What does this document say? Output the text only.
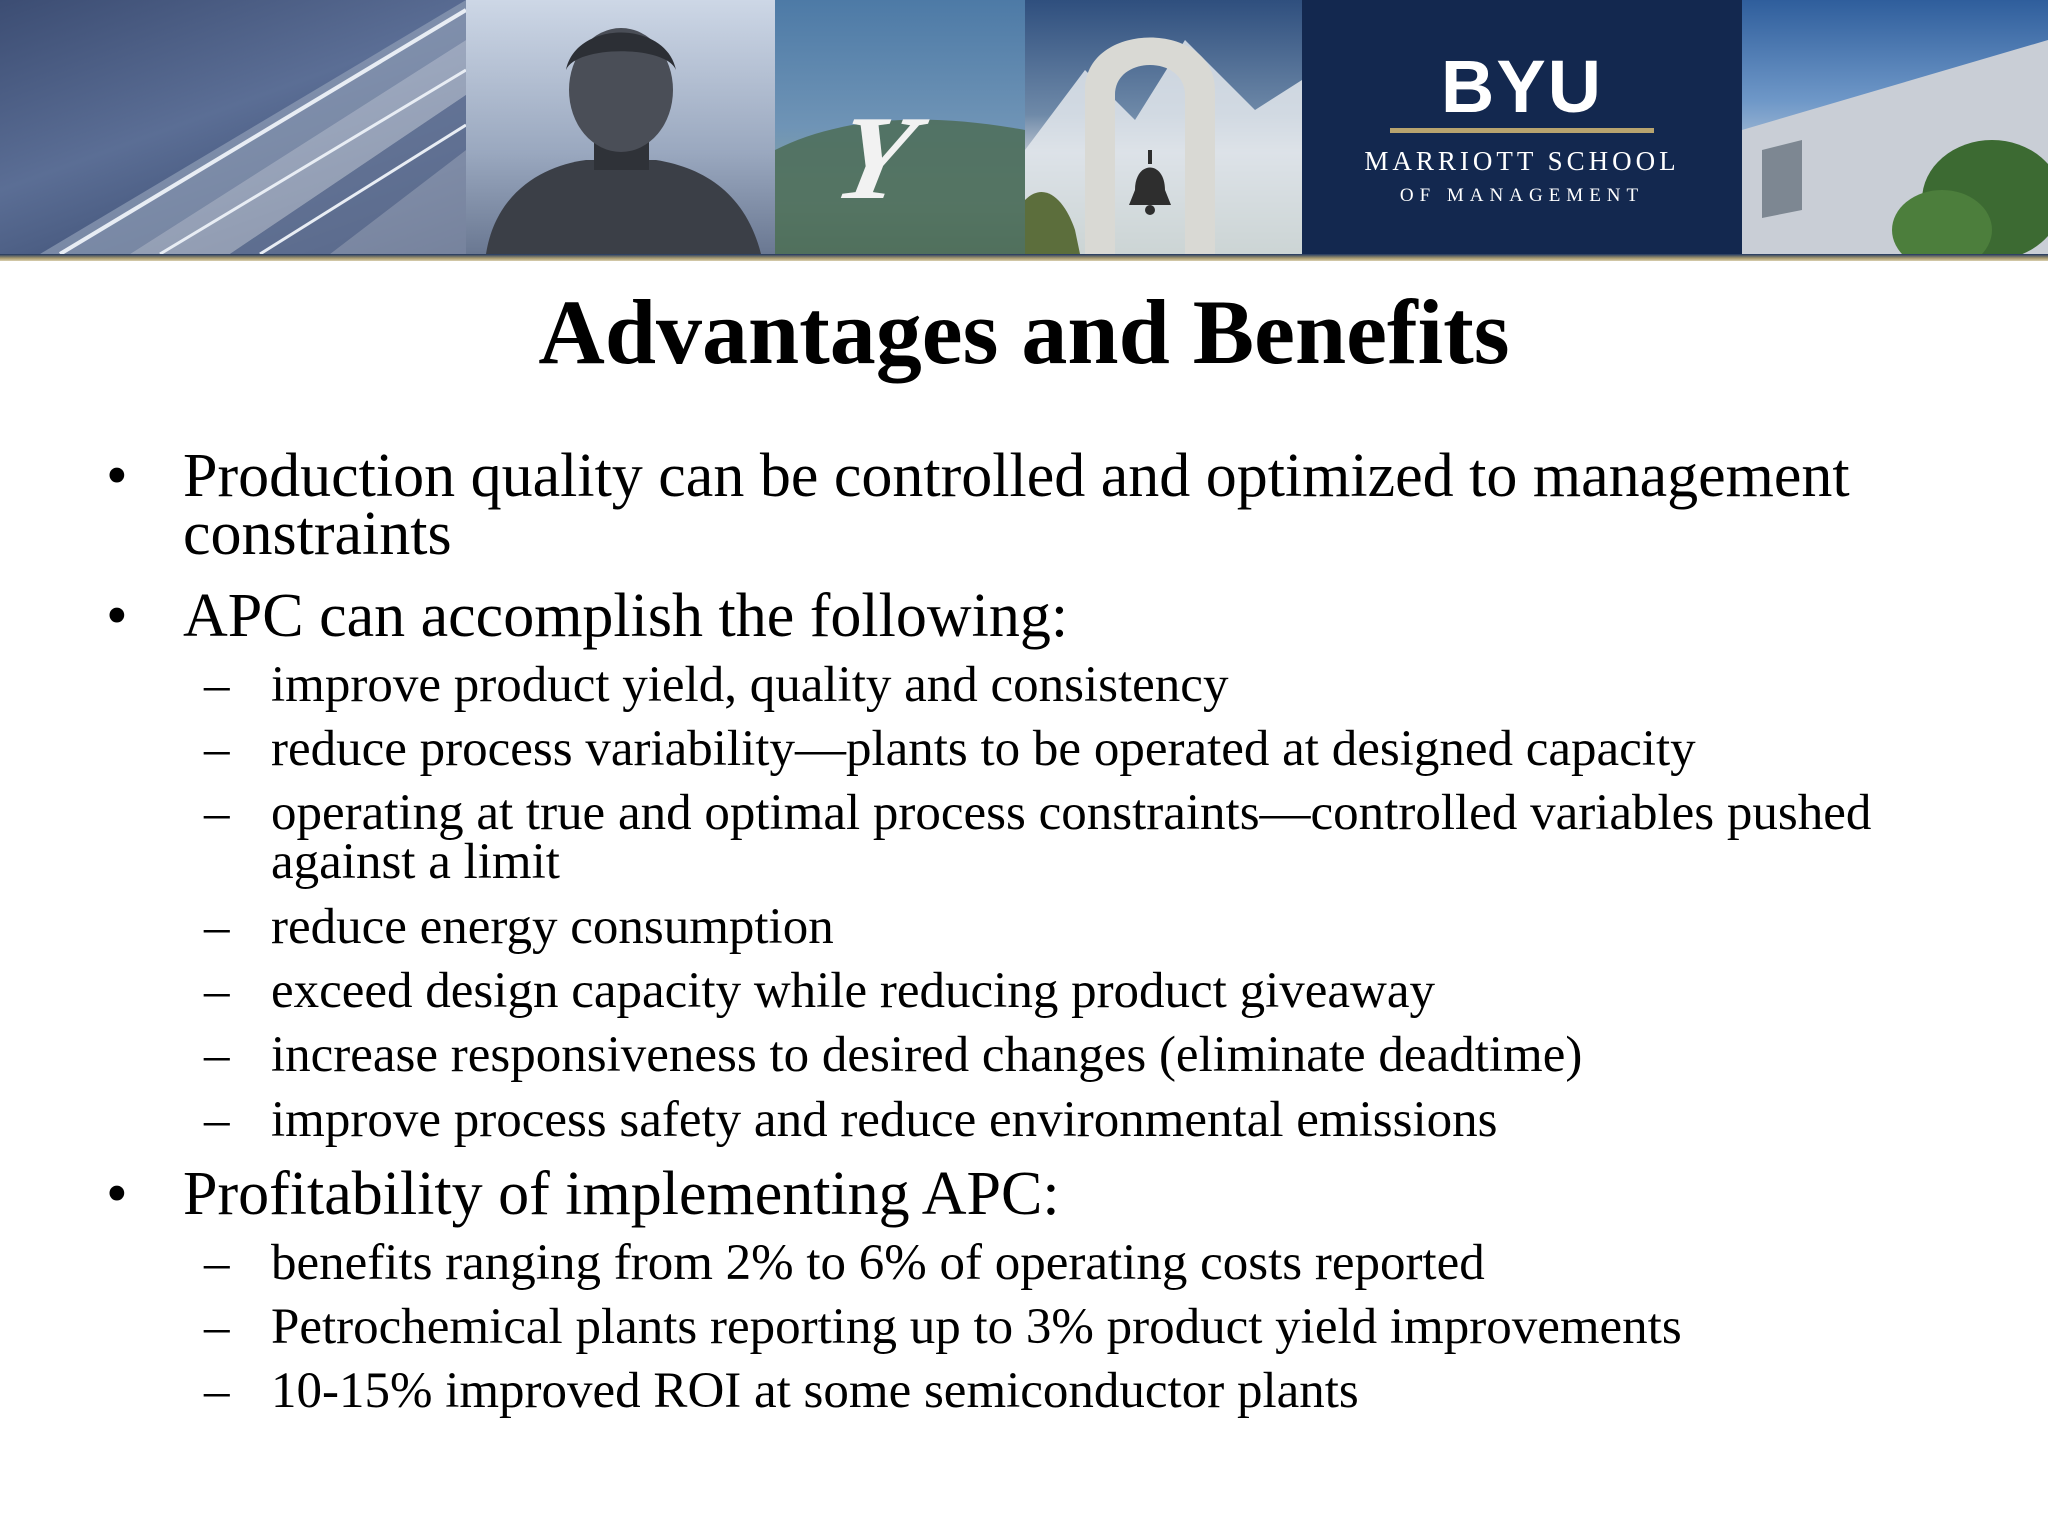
Y
BYU
MARRIOTT SCHOOL
OF MANAGEMENT
Advantages and Benefits
• Production quality can be controlled and optimized to management constraints
• APC can accomplish the following:
– improve product yield, quality and consistency
– reduce process variability—plants to be operated at designed capacity
– operating at true and optimal process constraints—controlled variables pushed against a limit
– reduce energy consumption
– exceed design capacity while reducing product giveaway
– increase responsiveness to desired changes (eliminate deadtime)
– improve process safety and reduce environmental emissions
• Profitability of implementing APC:
– benefits ranging from 2% to 6% of operating costs reported
– Petrochemical plants reporting up to 3% product yield improvements
– 10-15% improved ROI at some semiconductor plants
